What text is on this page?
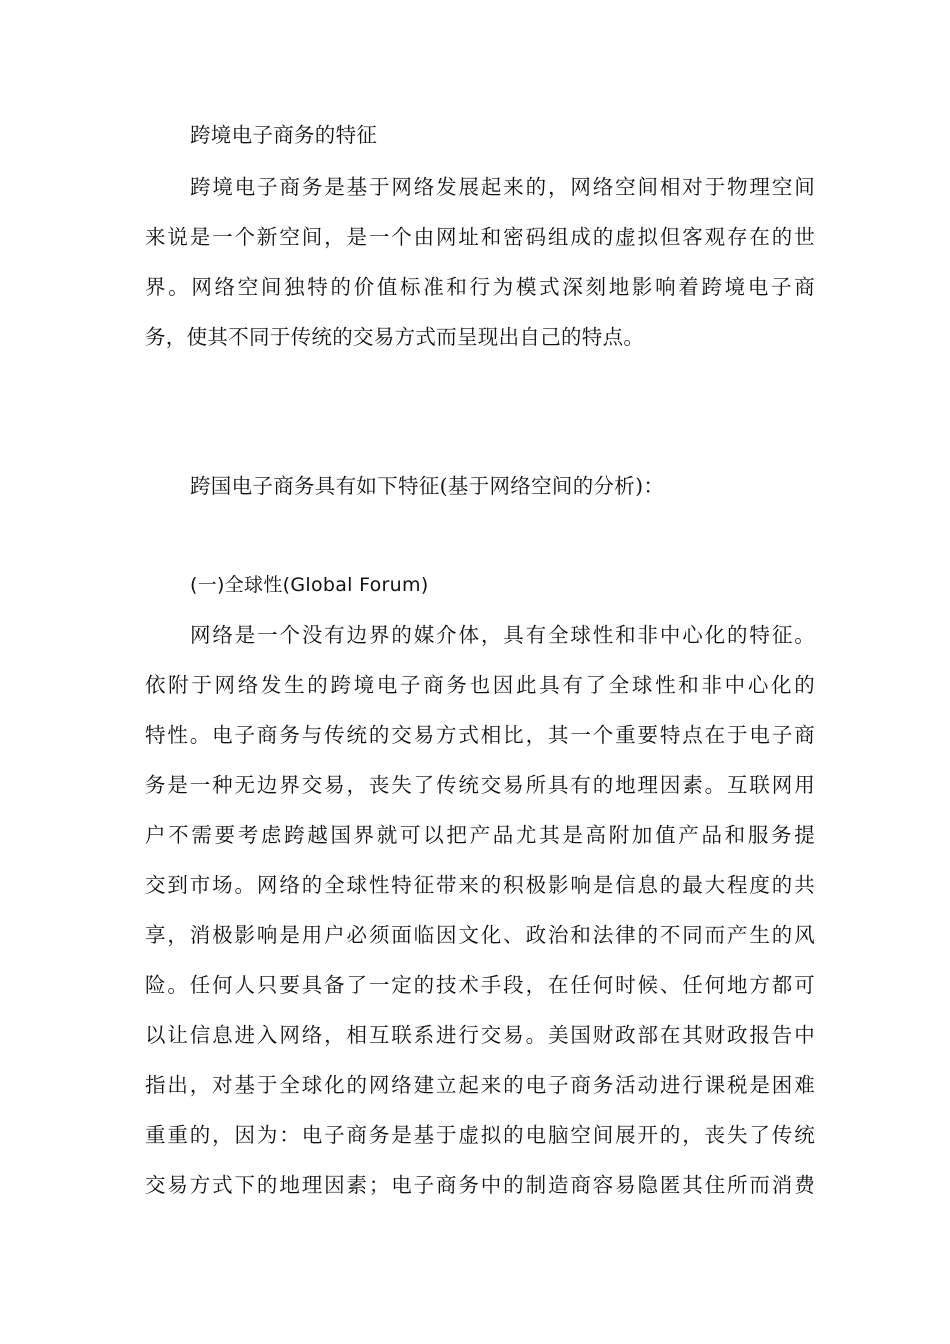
跨境电子商务的特征
跨境电子商务是基于网络发展起来的，网络空间相对于物理空间
来说是一个新空间，是一个由网址和密码组成的虚拟但客观存在的世
界。网络空间独特的价值标准和行为模式深刻地影响着跨境电子商
务，使其不同于传统的交易方式而呈现出自己的特点。
跨国电子商务具有如下特征(基于网络空间的分析)：
(一)全球性(Global Forum)
网络是一个没有边界的媒介体，具有全球性和非中心化的特征。
依附于网络发生的跨境电子商务也因此具有了全球性和非中心化的
特性。电子商务与传统的交易方式相比，其一个重要特点在于电子商
务是一种无边界交易，丧失了传统交易所具有的地理因素。互联网用
户不需要考虑跨越国界就可以把产品尤其是高附加值产品和服务提
交到市场。网络的全球性特征带来的积极影响是信息的最大程度的共
享，消极影响是用户必须面临因文化、政治和法律的不同而产生的风
险。任何人只要具备了一定的技术手段，在任何时候、任何地方都可
以让信息进入网络，相互联系进行交易。美国财政部在其财政报告中
指出，对基于全球化的网络建立起来的电子商务活动进行课税是困难
重重的，因为：电子商务是基于虚拟的电脑空间展开的，丧失了传统
交易方式下的地理因素；电子商务中的制造商容易隐匿其住所而消费
